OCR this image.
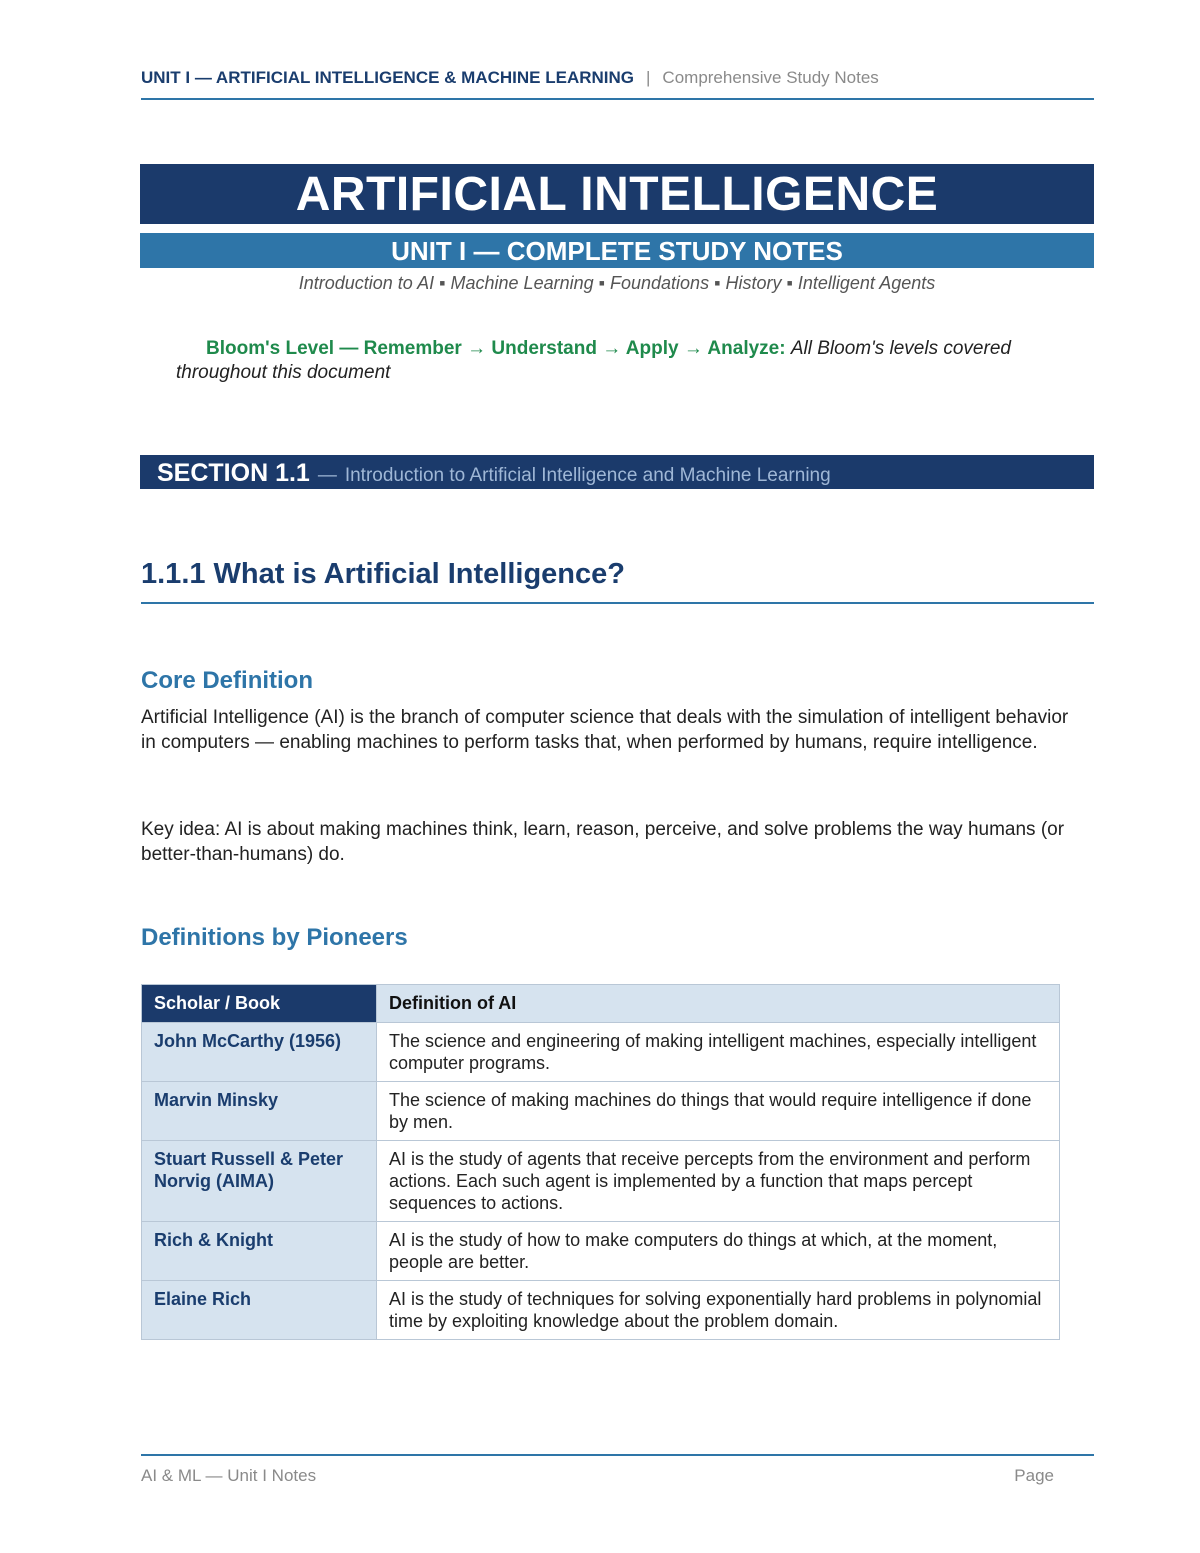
UNIT I — ARTIFICIAL INTELLIGENCE & MACHINE LEARNING | Comprehensive Study Notes
ARTIFICIAL INTELLIGENCE
UNIT I — COMPLETE STUDY NOTES
Introduction to AI ▪ Machine Learning ▪ Foundations ▪ History ▪ Intelligent Agents
Bloom's Level — Remember → Understand → Apply → Analyze: All Bloom's levels covered throughout this document
SECTION 1.1 — Introduction to Artificial Intelligence and Machine Learning
1.1.1 What is Artificial Intelligence?
Core Definition
Artificial Intelligence (AI) is the branch of computer science that deals with the simulation of intelligent behavior in computers — enabling machines to perform tasks that, when performed by humans, require intelligence.
Key idea: AI is about making machines think, learn, reason, perceive, and solve problems the way humans (or better-than-humans) do.
Definitions by Pioneers
Scholar / Book	Definition of AI
John McCarthy (1956)	The science and engineering of making intelligent machines, especially intelligent computer programs.
Marvin Minsky	The science of making machines do things that would require intelligence if done by men.
Stuart Russell & Peter Norvig (AIMA)	AI is the study of agents that receive percepts from the environment and perform actions. Each such agent is implemented by a function that maps percept sequences to actions.
Rich & Knight	AI is the study of how to make computers do things at which, at the moment, people are better.
Elaine Rich	AI is the study of techniques for solving exponentially hard problems in polynomial time by exploiting knowledge about the problem domain.
AI & ML — Unit I Notes	Page
